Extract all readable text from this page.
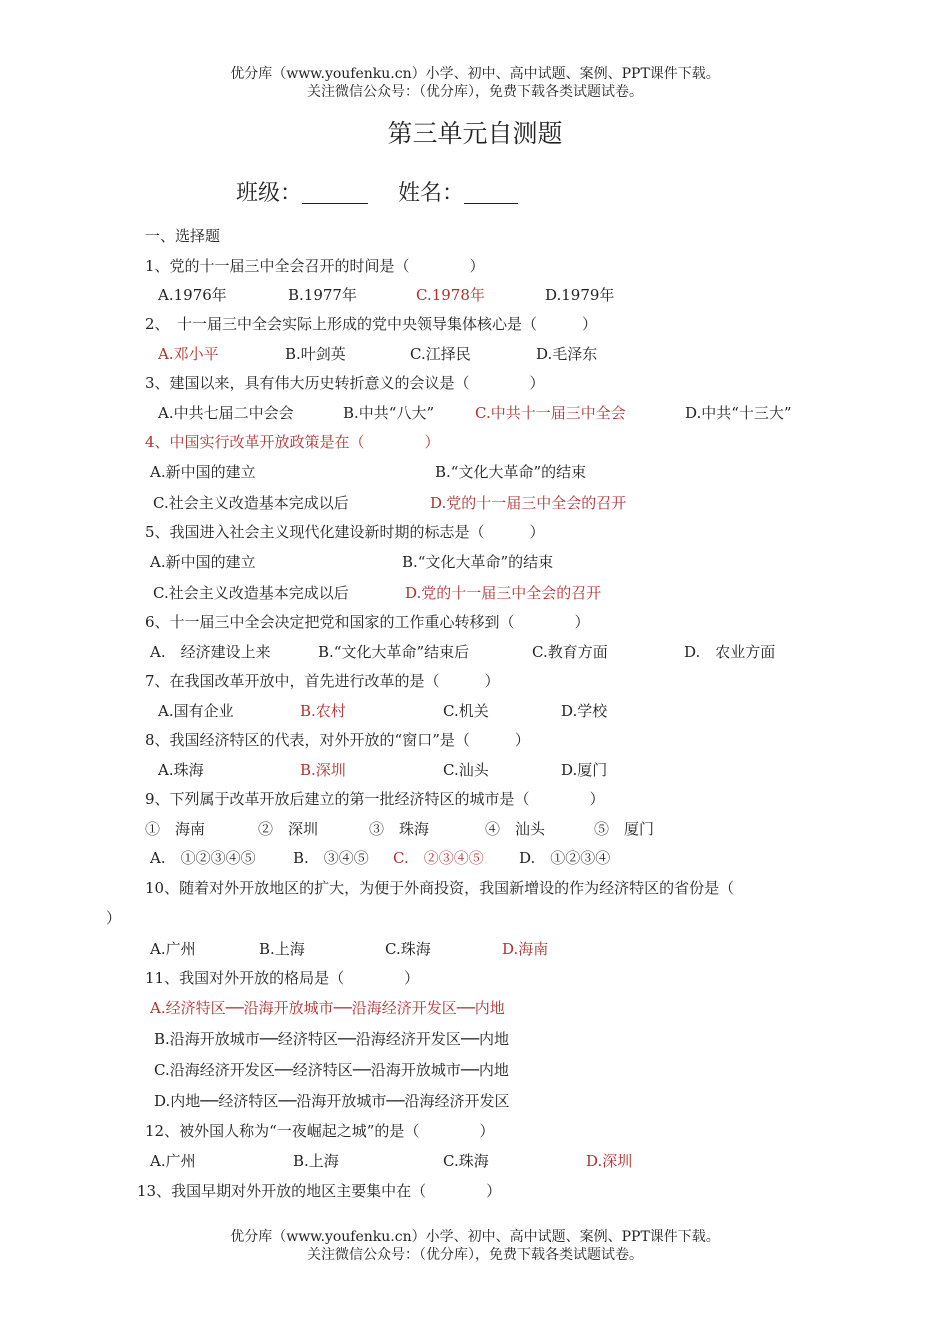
优分库（www.youfenku.cn）小学、初中、高中试题、案例、PPT课件下载。
关注微信公众号：（优分库），免费下载各类试题试卷。
第三单元自测题
班级：	姓名：
一、选择题
1、党的十一届三中全会召开的时间是（　　　　）
A.1976年	B.1977年	C.1978年	D.1979年
2、　十一届三中全会实际上形成的党中央领导集体核心是（　　　）
A.邓小平	B.叶剑英	C.江择民	D.毛泽东
3、建国以来，具有伟大历史转折意义的会议是（　　　　）
A.中共七届二中会会	B.中共“八大”	C.中共十一届三中全会	D.中共“十三大”
4、中国实行改革开放政策是在（　　　　）
A.新中国的建立	B.“文化大革命”的结束
C.社会主义改造基本完成以后	D.党的十一届三中全会的召开
5、我国进入社会主义现代化建设新时期的标志是（　　　）
A.新中国的建立	B.“文化大革命”的结束
C.社会主义改造基本完成以后	D.党的十一届三中全会的召开
6、十一届三中全会决定把党和国家的工作重心转移到（　　　　）
A.　经济建设上来	B.“文化大革命”结束后	C.教育方面	D.　农业方面
7、在我国改革开放中，首先进行改革的是（　　　）
A.国有企业	B.农村	C.机关	D.学校
8、我国经济特区的代表，对外开放的“窗口”是（　　　）
A.珠海	B.深圳	C.汕头	D.厦门
9、下列属于改革开放后建立的第一批经济特区的城市是（　　　　）
①　海南	②　深圳	③　珠海	④　汕头	⑤　厦门
A.　①②③④⑤ B.　③④⑤ C.　②③④⑤ D.　①②③④
10、随着对外开放地区的扩大，为便于外商投资，我国新增设的作为经济特区的省份是（
）
A.广州	B.上海	C.珠海	D.海南
11、我国对外开放的格局是（　　　　）
A.经济特区──沿海开放城市──沿海经济开发区──内地
B.沿海开放城市──经济特区──沿海经济开发区──内地
C.沿海经济开发区──经济特区──沿海开放城市──内地
D.内地──经济特区──沿海开放城市──沿海经济开发区
12、被外国人称为“一夜崛起之城”的是（　　　　）
A.广州	B.上海	C.珠海	D.深圳
13、我国早期对外开放的地区主要集中在（　　　　）
优分库（www.youfenku.cn）小学、初中、高中试题、案例、PPT课件下载。
关注微信公众号：（优分库），免费下载各类试题试卷。
